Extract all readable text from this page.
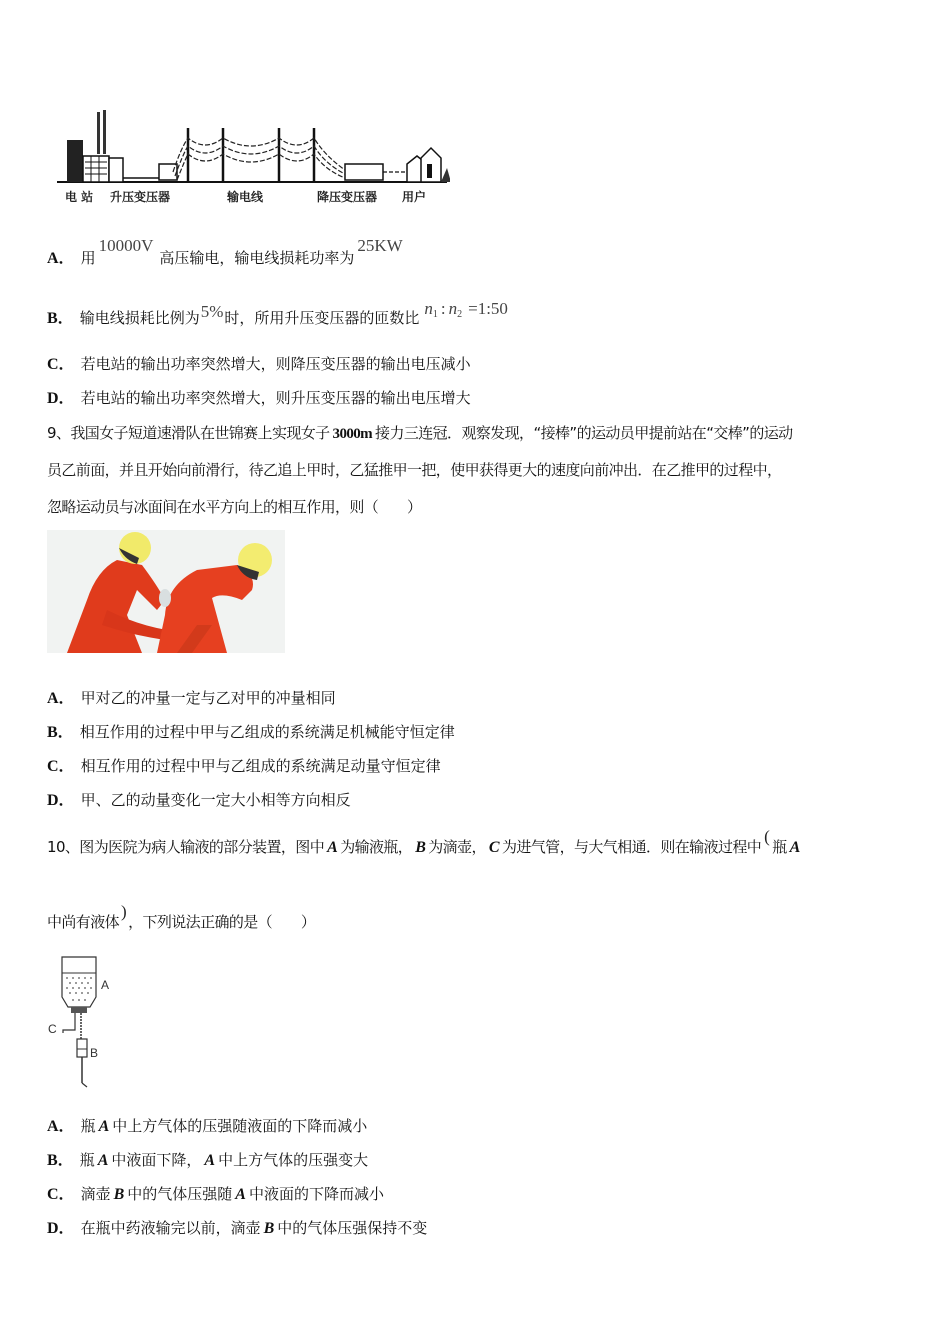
电 站 升压变压器	输电线	降压变压器 用户
A． 用10000V高压输电，输电线损耗功率为25KW
B． 输电线损耗比例为5%时，所用升压变压器的匝数比 $n^1$ : $n^2$ =1:50
C． 若电站的输出功率突然增大，则降压变压器的输出电压减小
D． 若电站的输出功率突然增大，则升压变压器的输出电压增大
9、我国女子短道速滑队在世锦赛上实现女子 3000m 接力三连冠．观察发现，“接棒”的运动员甲提前站在“交棒”的运动
员乙前面，并且开始向前滑行，待乙追上甲时，乙猛推甲一把，使甲获得更大的速度向前冲出．在乙推甲的过程中，
忽略运动员与冰面间在水平方向上的相互作用，则（　　）
A． 甲对乙的冲量一定与乙对甲的冲量相同
B． 相互作用的过程中甲与乙组成的系统满足机械能守恒定律
C． 相互作用的过程中甲与乙组成的系统满足动量守恒定律
D． 甲、乙的动量变化一定大小相等方向相反
10、图为医院为病人输液的部分装置，图中 A 为输液瓶， B 为滴壶， C 为进气管，与大气相通．则在输液过程中(瓶 A
中尚有液体)，下列说法正确的是（　　）
A
C
B
A． 瓶 A 中上方气体的压强随液面的下降而减小
B． 瓶 A 中液面下降， A 中上方气体的压强变大
C． 滴壶 B 中的气体压强随 A 中液面的下降而减小
D． 在瓶中药液输完以前，滴壶 B 中的气体压强保持不变
